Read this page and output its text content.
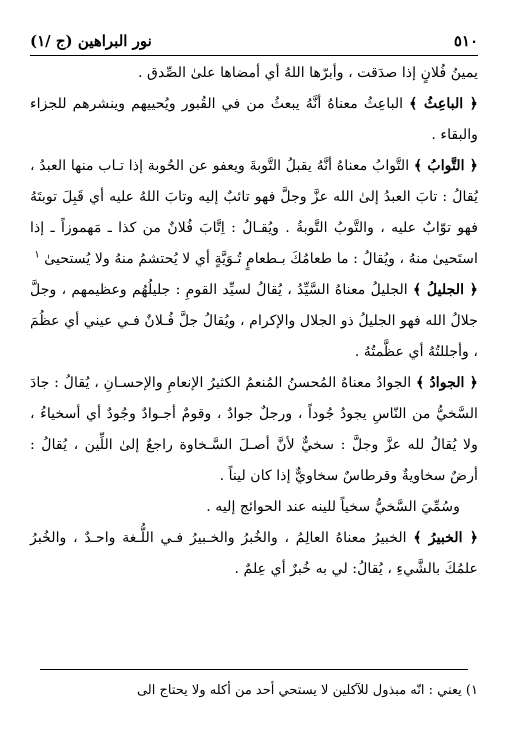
٥١٠
نور البراهين (ج /١)

يمينُ فُلانٍ إذا صدَقت ، وأبرّها اللهُ أي أمضاها علىٰ الصِّدق .

﴿ الباعِثُ ﴾ الباعِثُ معناهُ أنَّهُ يبعثُ من في القُبور ويُحييهم وينشرهم للجزاء والبقاء .

﴿ التَّوابُ ﴾ التَّوابُ معناهُ أنَّهُ يقبلُ التَّوبةَ ويعفو عن الحُوبة إذا تـاب منها العبدُ ، يُقالُ : تابَ العبدُ إلىٰ الله عزَّ وجلَّ فهو تائبٌ إليه وتابَ اللهُ عليه أي قَبِلَ توبتَهُ فهو توّابٌ عليه ، والتَّوبُ التَّوبةُ . ويُقـالُ : اِتَّابَ فُلانٌ من كذا ـ مَهموزاً ـ إذا استَحيىٰ منهُ ، ويُقالُ : ما طعامُكَ بـطعامٍ تُـوَيَّةٍ أي لا يُحتشمُ منهُ ولا يُستحيىٰ $^١$

﴿ الجليلُ ﴾ الجليلُ معناهُ السَّيِّدُ ، يُقالُ لسيِّد القومِ : جليلُهُم وعظيمهم ، وجلَّ جلالُ الله فهو الجليلُ ذو الجلال والإكرام ، ويُقالُ جلَّ فُـلانٌ فـي عيني أي عظُمَ ، وأجللتُهُ أي عظَّمتُهُ .

﴿ الجوادُ ﴾ الجوادُ معناهُ المُحسنُ المُنعمُ الكثيرُ الإنعامِ والإحسـانِ ، يُقالُ : جادَ السَّخيُّ من النّاسِ يجودُ جُوداً ، ورجلٌ جوادٌ ، وقومٌ أجـوادٌ وجُودٌ أي أسخياءُ ، ولا يُقالُ لله عزَّ وجلَّ : سخيٌّ لأنَّ أصـلَ السَّـخاوة راجعٌ إلىٰ اللِّين ، يُقالُ : أرضٌ سخاويةٌ وقرطاسٌ سخاويٌّ إذا كان ليناً .

وسُمِّيَ السَّخيُّ سخياً للينه عند الحوائج إليه .

﴿ الخبيرُ ﴾ الخبيرُ معناهُ العالِمُ ، والخُبرُ والخـبيرُ فـي اللُّـغة واحـدٌ ، والخُبرُ علمُكَ بالشَّيءِ ، يُقالُ: لي به خُبرٌ أي عِلمٌ .

١) يعني : انّه مبذول للآكلين لا يستحي أحد من أكله ولا يحتاج الى
